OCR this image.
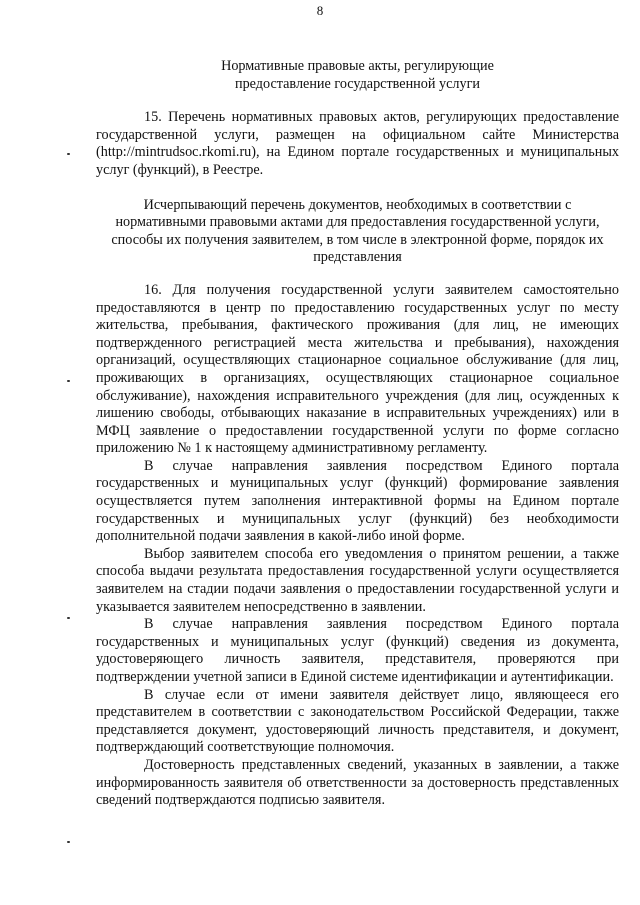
8
Нормативные правовые акты, регулирующие
предоставление государственной услуги

15. Перечень нормативных правовых актов, регулирующих предоставление государственной услуги, размещен на официальном сайте Министерства (http://mintrudsoc.rkomi.ru), на Едином портале государственных и муниципальных услуг (функций), в Реестре.

Исчерпывающий перечень документов, необходимых в соответствии с
нормативными правовыми актами для предоставления государственной услуги,
способы их получения заявителем, в том числе в электронной форме, порядок их
представления

16. Для получения государственной услуги заявителем самостоятельно предоставляются в центр по предоставлению государственных услуг по месту жительства, пребывания, фактического проживания (для лиц, не имеющих подтвержденного регистрацией места жительства и пребывания), нахождения организаций, осуществляющих стационарное социальное обслуживание (для лиц, проживающих в организациях, осуществляющих стационарное социальное обслуживание), нахождения исправительного учреждения (для лиц, осужденных к лишению свободы, отбывающих наказание в исправительных учреждениях) или в МФЦ заявление о предоставлении государственной услуги по форме согласно приложению № 1 к настоящему административному регламенту.

В случае направления заявления посредством Единого портала государственных и муниципальных услуг (функций) формирование заявления осуществляется путем заполнения интерактивной формы на Едином портале государственных и муниципальных услуг (функций) без необходимости дополнительной подачи заявления в какой-либо иной форме.

Выбор заявителем способа его уведомления о принятом решении, а также способа выдачи результата предоставления государственной услуги осуществляется заявителем на стадии подачи заявления о предоставлении государственной услуги и указывается заявителем непосредственно в заявлении.

В случае направления заявления посредством Единого портала государственных и муниципальных услуг (функций) сведения из документа, удостоверяющего личность заявителя, представителя, проверяются при подтверждении учетной записи в Единой системе идентификации и аутентификации.

В случае если от имени заявителя действует лицо, являющееся его представителем в соответствии с законодательством Российской Федерации, также представляется документ, удостоверяющий личность представителя, и документ, подтверждающий соответствующие полномочия.

Достоверность представленных сведений, указанных в заявлении, а также информированность заявителя об ответственности за достоверность представленных сведений подтверждаются подписью заявителя.
